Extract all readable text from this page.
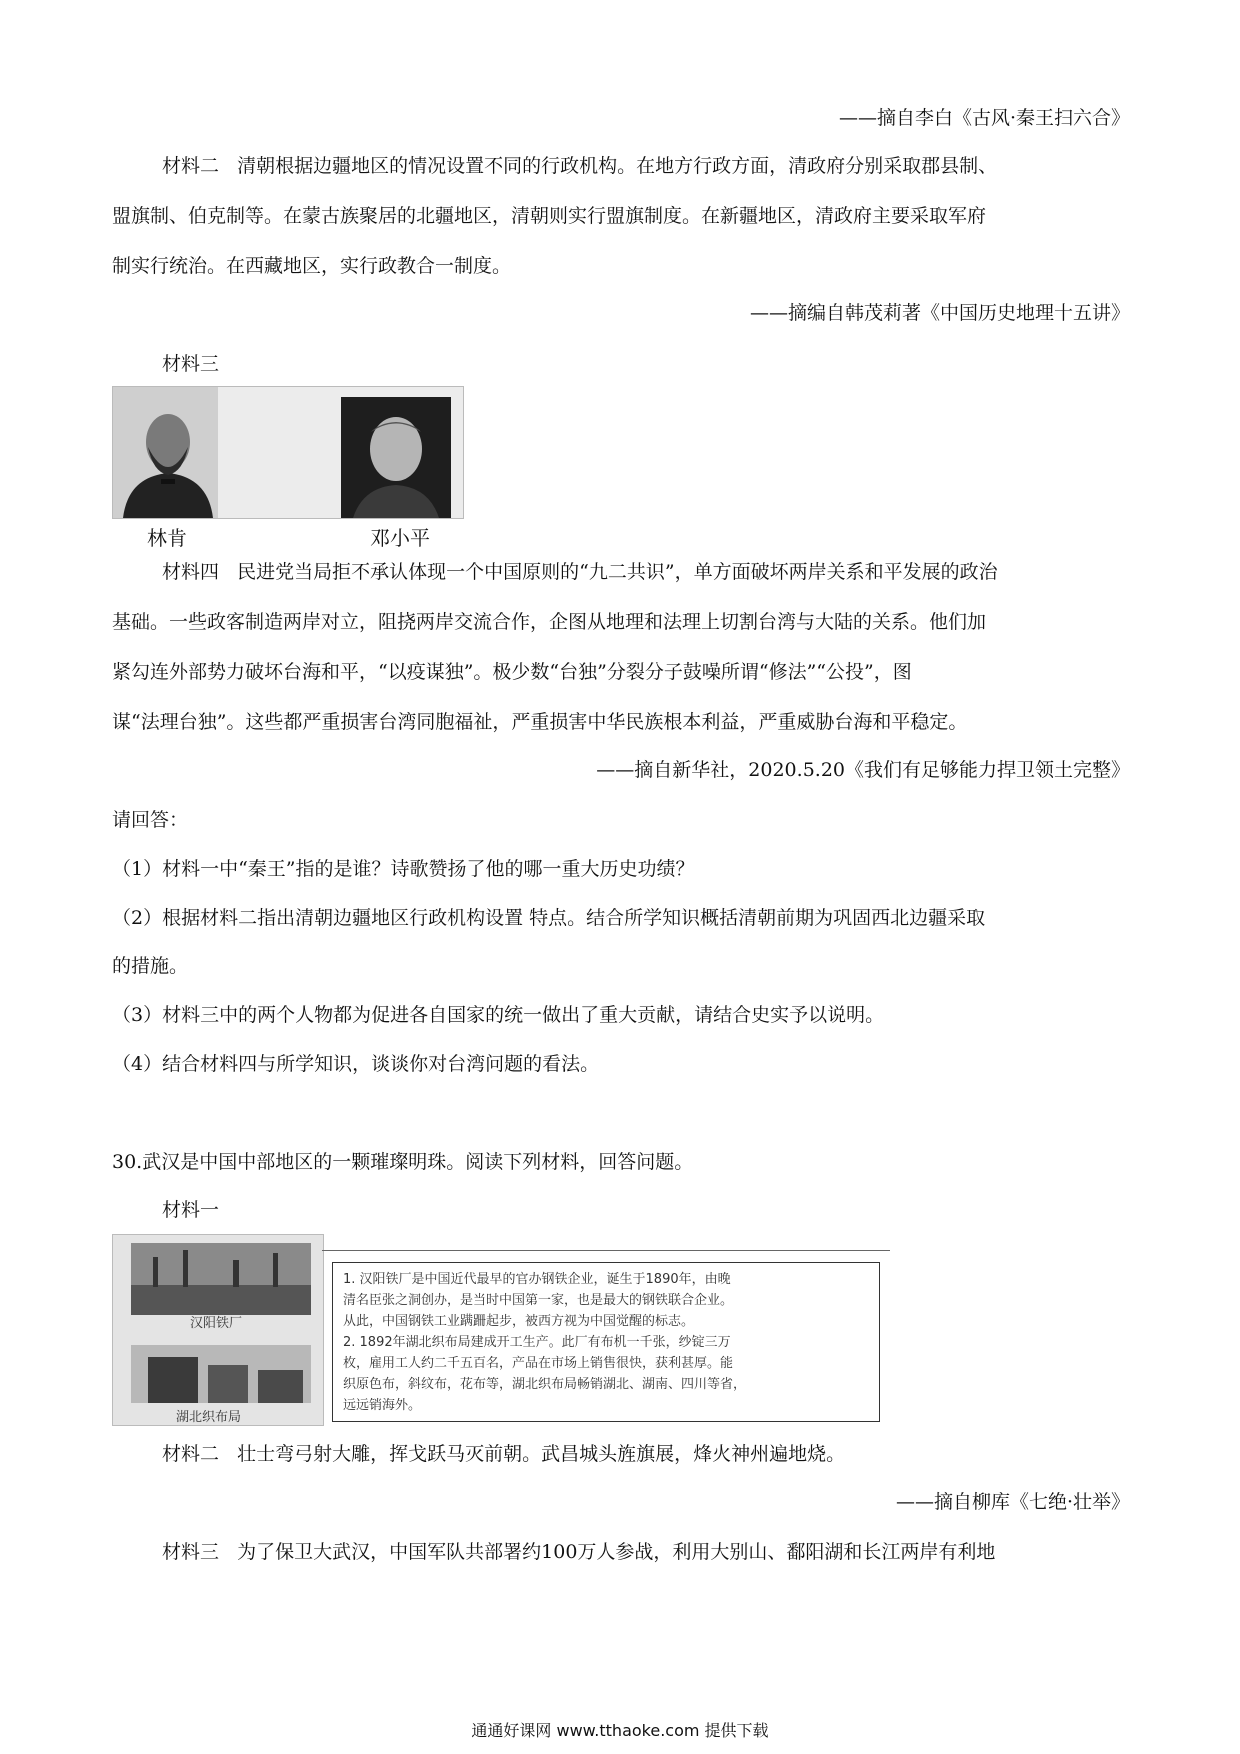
——摘自李白《古风·秦王扫六合》
材料二 清朝根据边疆地区的情况设置不同的行政机构。在地方行政方面，清政府分别采取郡县制、
盟旗制、伯克制等。在蒙古族聚居的北疆地区，清朝则实行盟旗制度。在新疆地区，清政府主要采取军府
制实行统治。在西藏地区，实行政教合一制度。
——摘编自韩茂莉著《中国历史地理十五讲》
材料三
林肯	邓小平
材料四 民进党当局拒不承认体现一个中国原则的“九二共识”，单方面破坏两岸关系和平发展的政治
基础。一些政客制造两岸对立，阻挠两岸交流合作，企图从地理和法理上切割台湾与大陆的关系。他们加
紧勾连外部势力破坏台海和平，“以疫谋独”。极少数“台独”分裂分子鼓噪所谓“修法”“公投”，图
谋“法理台独”。这些都严重损害台湾同胞福祉，严重损害中华民族根本利益，严重威胁台海和平稳定。
——摘自新华社，2020.5.20《我们有足够能力捍卫领土完整》
请回答：
（1）材料一中“秦王”指的是谁？诗歌赞扬了他的哪一重大历史功绩？
（2）根据材料二指出清朝边疆地区行政机构设置 特点。结合所学知识概括清朝前期为巩固西北边疆采取
的措施。
（3）材料三中的两个人物都为促进各自国家的统一做出了重大贡献，请结合史实予以说明。
（4）结合材料四与所学知识，谈谈你对台湾问题的看法。
30.武汉是中国中部地区的一颗璀璨明珠。阅读下列材料，回答问题。
材料一
汉阳铁厂
湖北织布局
1. 汉阳铁厂是中国近代最早的官办钢铁企业，诞生于1890年，由晚
清名臣张之洞创办，是当时中国第一家，也是最大的钢铁联合企业。
从此，中国钢铁工业蹒跚起步，被西方视为中国觉醒的标志。
2. 1892年湖北织布局建成开工生产。此厂有布机一千张，纱锭三万
枚，雇用工人约二千五百名，产品在市场上销售很快，获利甚厚。能
织原色布，斜纹布，花布等，湖北织布局畅销湖北、湖南、四川等省，
远远销海外。
材料二 壮士弯弓射大雕，挥戈跃马灭前朝。武昌城头旌旗展，烽火神州遍地烧。
——摘自柳库《七绝·壮举》
材料三 为了保卫大武汉，中国军队共部署约100万人参战，利用大别山、鄱阳湖和长江两岸有利地
通通好课网 www.tthaoke.com 提供下载
